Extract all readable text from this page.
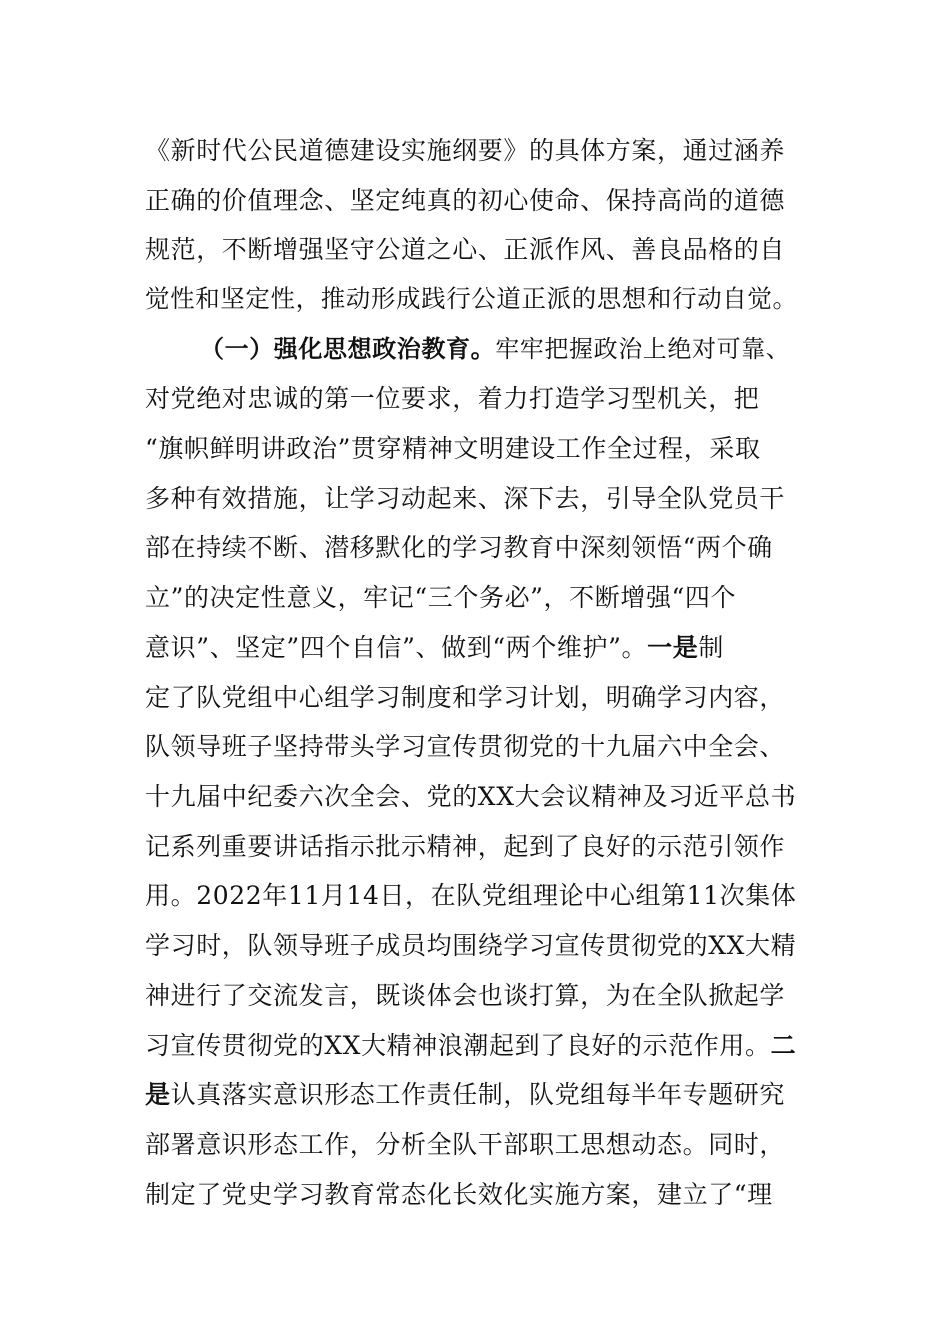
《新时代公民道德建设实施纲要》的具体方案，通过涵养
正确的价值理念、坚定纯真的初心使命、保持高尚的道德
规范，不断增强坚守公道之心、正派作风、善良品格的自
觉性和坚定性，推动形成践行公道正派的思想和行动自觉。
（一）强化思想政治教育。牢牢把握政治上绝对可靠、
对党绝对忠诚的第一位要求，着力打造学习型机关，把
“旗帜鲜明讲政治”贯穿精神文明建设工作全过程，采取
多种有效措施，让学习动起来、深下去，引导全队党员干
部在持续不断、潜移默化的学习教育中深刻领悟“两个确
立”的决定性意义，牢记“三个务必”，不断增强“四个
意识”、坚定”四个自信”、做到“两个维护”。一是制
定了队党组中心组学习制度和学习计划，明确学习内容，
队领导班子坚持带头学习宣传贯彻党的十九届六中全会、
十九届中纪委六次全会、党的XX大会议精神及习近平总书
记系列重要讲话指示批示精神，起到了良好的示范引领作
用。2022年11月14日，在队党组理论中心组第11次集体
学习时，队领导班子成员均围绕学习宣传贯彻党的XX大精
神进行了交流发言，既谈体会也谈打算，为在全队掀起学
习宣传贯彻党的XX大精神浪潮起到了良好的示范作用。二
是认真落实意识形态工作责任制，队党组每半年专题研究
部署意识形态工作，分析全队干部职工思想动态。同时，
制定了党史学习教育常态化长效化实施方案，建立了“理
